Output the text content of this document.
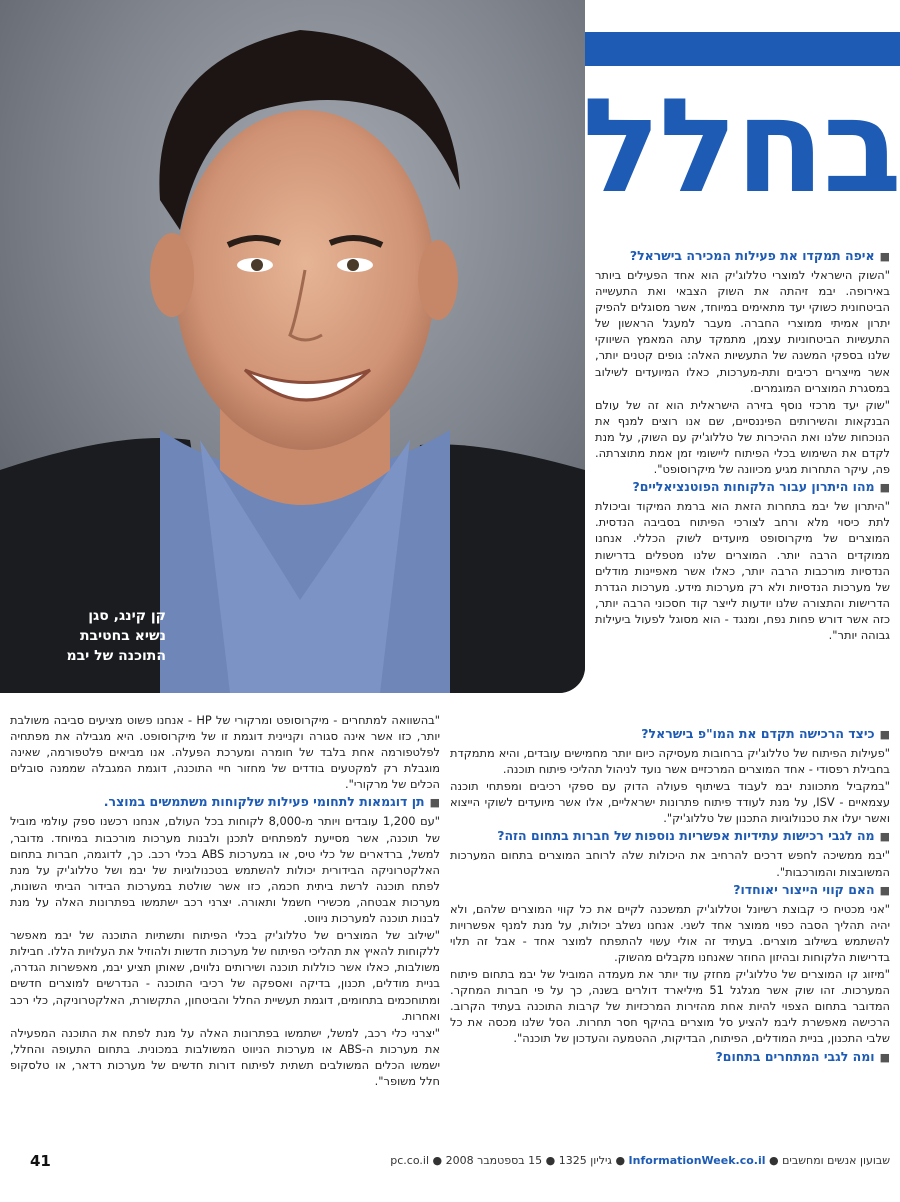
קן קינג, סגן
נשיא בחטיבת
התוכנה של יבמ
בחלל
■איפה תמקדו את פעילות המכירה בישראל?
"השוק הישראלי למוצרי טללוג'יק הוא אחד הפעילים ביותר באירופה. יבמ זיהתה את השוק הצבאי ואת התעשייה הביטחונית כשוקי יעד מתאימים במיוחד, אשר מסוגלים להפיק יתרון אמיתי ממוצרי החברה. מעבר למעגל הראשון של התעשיות הביטחוניות עצמן, מתמקד עתה המאמץ השיווקי שלנו בספקי המשנה של התעשיות האלה: גופים קטנים יותר, אשר מייצרים רכיבים ותת-מערכות, כאלו המיועדים לשילוב במסגרת המוצרים המוגמרים.
"שוק יעד מרכזי נוסף בזירה הישראלית הוא זה של עולם הבנקאות והשירותים הפיננסיים, שם אנו רוצים למנף את הנוכחות שלנו ואת ההיכרות של טללוג'יק עם השוק, על מנת לקדם את השימוש בכלי הפיתוח ליישומי זמן אמת מתוצרתה. פה, עיקר התחרות מגיע מכיוונה של מיקרוסופט".
■מהו היתרון עבור הלקוחות הפוטנציאליים?
"היתרון של יבמ בתחרות הזאת הוא ברמת המיקוד וביכולת לתת כיסוי מלא ורחב לצורכי הפיתוח בסביבה הנדסית. המוצרים של מיקרוסופט מיועדים לשוק הכללי. אנחנו ממוקדים הרבה יותר. המוצרים שלנו מטפלים בדרישות הנדסיות מורכבות הרבה יותר, כאלו אשר מאפיינות מודלים של מערכות הנדסיות ולא רק מערכות מידע. מערכות הגדרת הדרישות והתצורה שלנו יודעות לייצר קוד חסכוני הרבה יותר, כזה אשר דורש פחות נפח, ומנגד - הוא מסוגל לפעול ביעילות גבוהה יותר".
■כיצד הרכישה תקדם את המו"פ בישראל?
"פעילות הפיתוח של טללוג'יק ברחובות מעסיקה כיום יותר מחמישים עובדים, והיא מתמקדת בחבילת רפסודי - אחד המוצרים המרכזיים אשר נועד לניהול תהליכי פיתוח תוכנה.
"במקביל מתכוונת יבמ לעבוד בשיתוף פעולה הדוק עם ספקי רכיבים ומפתחי תוכנה עצמאיים - ISV, על מנת לעודד פיתוח פתרונות ישראליים, אלו אשר מיועדים לשוקי הייצוא ואשר יעלו את טכנולוגיות התכנון של טללוג'יק".
■מה לגבי רכישות עתידיות אפשריות נוספות של חברות בתחום הזה?
"יבמ ממשיכה לחפש דרכים להרחיב את היכולות שלה לרוחב המוצרים בתחום המערכות המשובצות והמורכבות".
■האם קווי הייצור יאוחדו?
"אני מכטיח כי קבוצת רשיונל וטללוג'יק תמשכנה לקיים את כל קווי המוצרים שלהם, ולא יהיה תהליך הסבה כפוי ממוצר אחד לשני. אנחנו נשלב יכולות, על מנת למנף אפשרויות להשתמש בשילוב מוצרים. בעתיד זה אולי עשוי להתפתח למוצר אחד - אבל זה תלוי בדרישות הלקוחות ובהיזון החוזר שאנחנו מקבלים מהשוק.
"מיזוג קו המוצרים של טללוג'יק מחזק עוד יותר את מעמדה המוביל של יבמ בתחום פיתוח המערכות. זהו שוק אשר מגלגל 51 מיליארד דולרים בשנה, כך על פי חברות המחקר. המדובר בתחום הצפוי להיות אחת מהזירות המרכזיות של קרבות התוכנה בעתיד הקרוב. הרכישה מאפשרת ליבמ להציע סל מוצרים בהיקף חסר תחרות. הסל שלנו מכסה את כל שלבי התכנון, בניית המודלים, הפיתוח, הבדיקות, ההטמעה והעדכון של תוכנה".
■ומה לגבי המתחרים בתחום?
"בהשוואה למתחרים - מיקרוסופט ומרקורי של HP - אנחנו פשוט מציעים סביבה משולבת יותר, כזו אשר אינה סגורה וקניינית דוגמת זו של מיקרוסופט. היא מגבילה את מפתחיה לפלטפורמה אחת בלבד של חומרה ומערכת הפעלה. אנו מביאים פלטפורמה, שאינה מוגבלת רק למקטעים בודדים של מחזור חיי התוכנה, דוגמת המגבלה שממנה סובלים הכלים של מרקורי".
■תן דוגמאות לתחומי פעילות שלקוחות משתמשים במוצר.
"עם 1,200 עובדים ויותר מ-8,000 לקוחות בכל העולם, אנחנו רכשנו ספק עולמי מוביל של תוכנה, אשר מסייעת למפתחים לתכנן ולבנות מערכות מורכבות במיוחד. מדובר, למשל, ברדארים של כלי טיס, או במערכות ABS בכלי רכב. כך, לדוגמה, חברות בתחום האלקטרוניקה הבידורית יכולות להשתמש בטכנולוגיות של יבמ ושל טללוג'יק על מנת לפתח תוכנה לרשת ביתית חכמה, כזו אשר שולטת במערכות הבידור הביתי השונות, מערכות אבטחה, מכשירי חשמל ותאורה. יצרני רכב ישתמשו בפתרונות האלה על מנת לבנות תוכנה למערכות ניווט.
"שילוב של המוצרים של טללוג'יק בכלי הפיתוח ותשתיות התוכנה של יבמ מאפשר ללקוחות להאיץ את תהליכי הפיתוח של מערכות חדשות ולהוזיל את העלויות הללו. חבילות משולבות, כאלו אשר כוללות תוכנה ושירותים נלווים, שאותן תציע יבמ, מאפשרות הגדרה, בניית מודלים, תכנון, בדיקה ואספקה של רכיבי התוכנה - הנדרשים למוצרים חדשים ומתוחכמים בתחומים, דוגמת תעשיית החלל והביטחון, התקשורת, האלקטרוניקה, כלי רכב ואחרות.
"יצרני כלי רכב, למשל, ישתמשו בפתרונות האלה על מנת לפתח את התוכנה המפעילה את מערכות ה-ABS או מערכות הניווט המשולבות במכונית. בתחום התעופה והחלל, ישמשו הכלים המשולבים תשתית לפיתוח דורות חדשים של מערכות רדאר, או טלסקופ חלל משופר".
41	שבועון אנשים ומחשבים ● InformationWeek.co.il ● גיליון 1325 ● 15 בספטמבר 2008 ● pc.co.il
